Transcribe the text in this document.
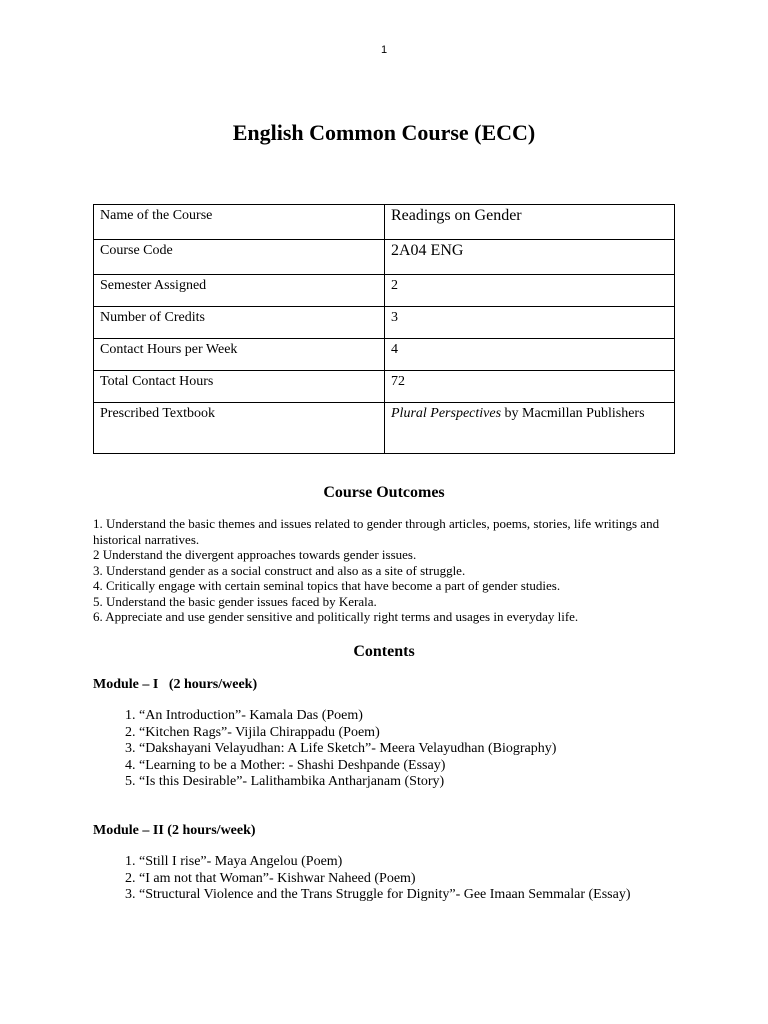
1
English Common Course (ECC)
Name of the Course	Readings on Gender
Course Code	2A04 ENG
Semester Assigned	2
Number of Credits	3
Contact Hours per Week	4
Total Contact Hours	72
Prescribed Textbook	Plural Perspectives by Macmillan Publishers
Course Outcomes

1. Understand the basic themes and issues related to gender through articles, poems, stories, life writings and historical narratives.

2 Understand the divergent approaches towards gender issues.

3. Understand gender as a social construct and also as a site of struggle.

4. Critically engage with certain seminal topics that have become a part of gender studies.

5. Understand the basic gender issues faced by Kerala.

6. Appreciate and use gender sensitive and politically right terms and usages in everyday life.

Contents
Module – I   (2 hours/week)
1. “An Introduction”- Kamala Das (Poem)
2. “Kitchen Rags”- Vijila Chirappadu (Poem)
3. “Dakshayani Velayudhan: A Life Sketch”- Meera Velayudhan (Biography)
4. “Learning to be a Mother: - Shashi Deshpande (Essay)
5. “Is this Desirable”- Lalithambika Antharjanam (Story)
Module – II (2 hours/week)
1. “Still I rise”- Maya Angelou (Poem)
2. “I am not that Woman”- Kishwar Naheed (Poem)
3. “Structural Violence and the Trans Struggle for Dignity”- Gee Imaan Semmalar (Essay)
